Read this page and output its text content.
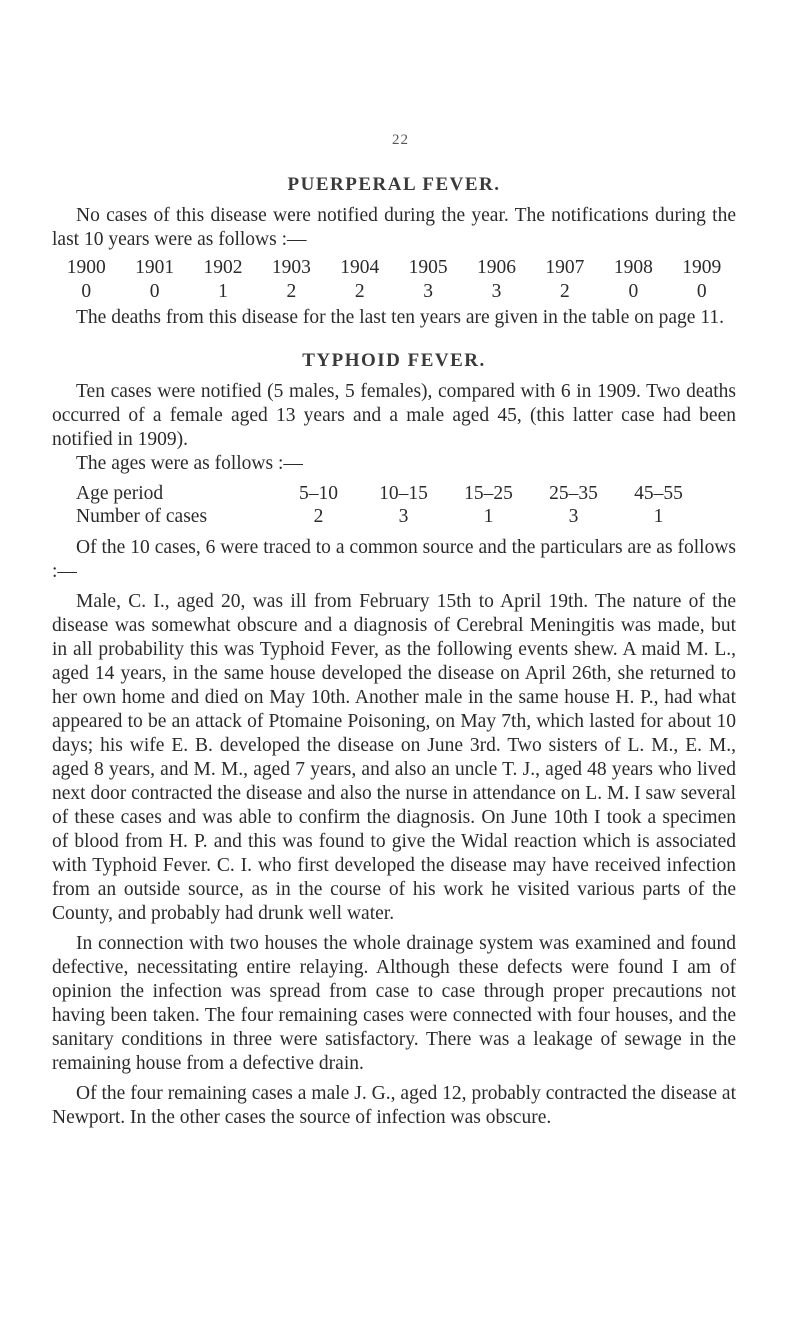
22
PUERPERAL FEVER.

No cases of this disease were notified during the year. The notifications during the last 10 years were as follows :—

1900	1901	1902	1903	1904	1905	1906	1907	1908	1909
0	0	1	2	2	3	3	2	0	0

The deaths from this disease for the last ten years are given in the table on page 11.

TYPHOID FEVER.

Ten cases were notified (5 males, 5 females), compared with 6 in 1909. Two deaths occurred of a female aged 13 years and a male aged 45, (this latter case had been notified in 1909).

The ages were as follows :—

Age period	5–10	10–15	15–25	25–35	45–55
Number of cases	2	3	1	3	1

Of the 10 cases, 6 were traced to a common source and the particulars are as follows :—

Male, C. I., aged 20, was ill from February 15th to April 19th. The nature of the disease was somewhat obscure and a diagnosis of Cerebral Meningitis was made, but in all probability this was Typhoid Fever, as the following events shew. A maid M. L., aged 14 years, in the same house developed the disease on April 26th, she returned to her own home and died on May 10th. Another male in the same house H. P., had what appeared to be an attack of Ptomaine Poisoning, on May 7th, which lasted for about 10 days; his wife E. B. developed the disease on June 3rd. Two sisters of L. M., E. M., aged 8 years, and M. M., aged 7 years, and also an uncle T. J., aged 48 years who lived next door contracted the disease and also the nurse in attendance on L. M. I saw several of these cases and was able to confirm the diagnosis. On June 10th I took a specimen of blood from H. P. and this was found to give the Widal reaction which is associated with Typhoid Fever. C. I. who first developed the disease may have received infection from an outside source, as in the course of his work he visited various parts of the County, and probably had drunk well water.

In connection with two houses the whole drainage system was examined and found defective, necessitating entire relaying. Although these defects were found I am of opinion the infection was spread from case to case through proper precautions not having been taken. The four remaining cases were connected with four houses, and the sanitary conditions in three were satisfactory. There was a leakage of sewage in the remaining house from a defective drain.

Of the four remaining cases a male J. G., aged 12, probably contracted the disease at Newport. In the other cases the source of infection was obscure.
